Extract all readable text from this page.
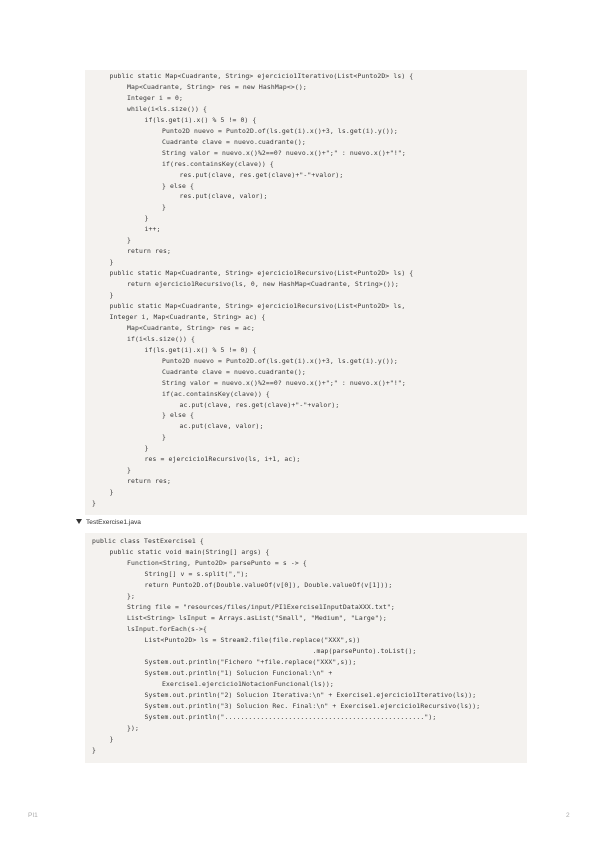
public static Map<Cuadrante, String> ejercicio1Iterativo(List<Punto2D> ls) {
Map<Cuadrante, String> res = new HashMap<>();
Integer i = 0;
while(i<ls.size()) {
if(ls.get(i).x() % 5 != 0) {
Punto2D nuevo = Punto2D.of(ls.get(i).x()+3, ls.get(i).y());
Cuadrante clave = nuevo.cuadrante();
String valor = nuevo.x()%2==0? nuevo.x()+";" : nuevo.x()+"!";
if(res.containsKey(clave)) {
res.put(clave, res.get(clave)+"-"+valor);
} else {
res.put(clave, valor);
}
}
i++;
}
return res;
}
public static Map<Cuadrante, String> ejercicio1Recursivo(List<Punto2D> ls) {
return ejercicio1Recursivo(ls, 0, new HashMap<Cuadrante, String>());
}
public static Map<Cuadrante, String> ejercicio1Recursivo(List<Punto2D> ls,
Integer i, Map<Cuadrante, String> ac) {
Map<Cuadrante, String> res = ac;
if(i<ls.size()) {
if(ls.get(i).x() % 5 != 0) {
Punto2D nuevo = Punto2D.of(ls.get(i).x()+3, ls.get(i).y());
Cuadrante clave = nuevo.cuadrante();
String valor = nuevo.x()%2==0? nuevo.x()+";" : nuevo.x()+"!";
if(ac.containsKey(clave)) {
ac.put(clave, res.get(clave)+"-"+valor);
} else {
ac.put(clave, valor);
}
}
res = ejercicio1Recursivo(ls, i+1, ac);
}
return res;
}
}
TestExercise1.java
public class TestExercise1 {
public static void main(String[] args) {
Function<String, Punto2D> parsePunto = s -> {
String[] v = s.split(",");
return Punto2D.of(Double.valueOf(v[0]), Double.valueOf(v[1]));
};
String file = "resources/files/input/PI1Exercise1InputDataXXX.txt";
List<String> lsInput = Arrays.asList("Small", "Medium", "Large");
lsInput.forEach(s->{
List<Punto2D> ls = Stream2.file(file.replace("XXX",s))
.map(parsePunto).toList();
System.out.println("Fichero "+file.replace("XXX",s));
System.out.println("1) Solucion Funcional:\n" +
Exercise1.ejercicio1NotacionFuncional(ls));
System.out.println("2) Solucion Iterativa:\n" + Exercise1.ejercicio1Iterativo(ls));
System.out.println("3) Solucion Rec. Final:\n" + Exercise1.ejercicio1Recursivo(ls));
System.out.println("..................................................");
});
}
}
PI1	2
